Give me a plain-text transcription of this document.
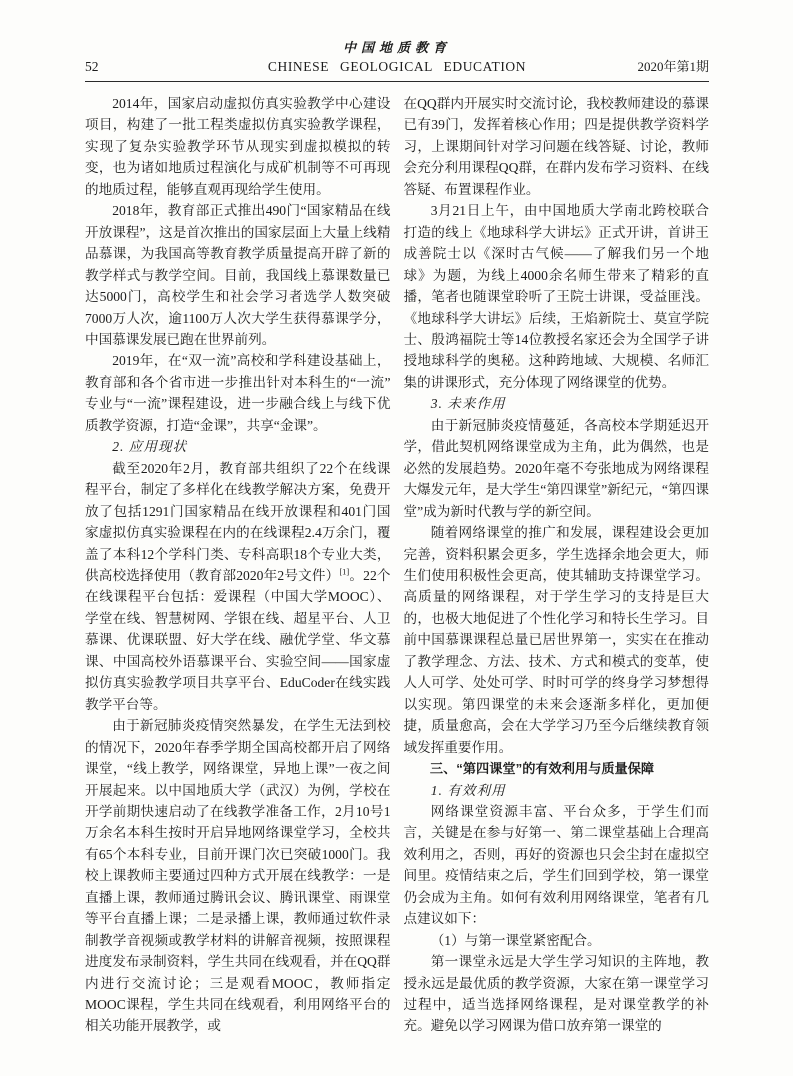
中国地质教育
52	CHINESE GEOLOGICAL EDUCATION	2020年第1期

2014年，国家启动虚拟仿真实验教学中心建设项目，构建了一批工程类虚拟仿真实验教学课程，实现了复杂实验教学环节从现实到虚拟模拟的转变，也为诸如地质过程演化与成矿机制等不可再现的地质过程，能够直观再现给学生使用。

2018年，教育部正式推出490门“国家精品在线开放课程”，这是首次推出的国家层面上大量上线精品慕课，为我国高等教育教学质量提高开辟了新的教学样式与教学空间。目前，我国线上慕课数量已达5000门，高校学生和社会学习者选学人数突破7000万人次，逾1100万人次大学生获得慕课学分，中国慕课发展已跑在世界前列。

2019年，在“双一流”高校和学科建设基础上，教育部和各个省市进一步推出针对本科生的“一流”专业与“一流”课程建设，进一步融合线上与线下优质教学资源，打造“金课”，共享“金课”。

2. 应用现状

截至2020年2月，教育部共组织了22个在线课程平台，制定了多样化在线教学解决方案，免费开放了包括1291门国家精品在线开放课程和401门国家虚拟仿真实验课程在内的在线课程2.4万余门，覆盖了本科12个学科门类、专科高职18个专业大类，供高校选择使用（教育部2020年2号文件）[1]。22个在线课程平台包括：爱课程（中国大学MOOC）、学堂在线、智慧树网、学银在线、超星平台、人卫慕课、优课联盟、好大学在线、融优学堂、华文慕课、中国高校外语慕课平台、实验空间——国家虚拟仿真实验教学项目共享平台、EduCoder在线实践教学平台等。

由于新冠肺炎疫情突然暴发，在学生无法到校的情况下，2020年春季学期全国高校都开启了网络课堂，“线上教学，网络课堂，异地上课”一夜之间开展起来。以中国地质大学（武汉）为例，学校在开学前期快速启动了在线教学准备工作，2月10号1万余名本科生按时开启异地网络课堂学习，全校共有65个本科专业，目前开课门次已突破1000门。我校上课教师主要通过四种方式开展在线教学：一是直播上课，教师通过腾讯会议、腾讯课堂、雨课堂等平台直播上课；二是录播上课，教师通过软件录制教学音视频或教学材料的讲解音视频，按照课程进度发布录制资料，学生共同在线观看，并在QQ群内进行交流讨论；三是观看MOOC，教师指定MOOC课程，学生共同在线观看，利用网络平台的相关功能开展教学，或

在QQ群内开展实时交流讨论，我校教师建设的慕课已有39门，发挥着核心作用；四是提供教学资料学习，上课期间针对学习问题在线答疑、讨论，教师会充分利用课程QQ群，在群内发布学习资料、在线答疑、布置课程作业。

3月21日上午，由中国地质大学南北跨校联合打造的线上《地球科学大讲坛》正式开讲，首讲王成善院士以《深时古气候——了解我们另一个地球》为题，为线上4000余名师生带来了精彩的直播，笔者也随课堂聆听了王院士讲课，受益匪浅。《地球科学大讲坛》后续，王焰新院士、莫宣学院士、殷鸿福院士等14位教授名家还会为全国学子讲授地球科学的奥秘。这种跨地域、大规模、名师汇集的讲课形式，充分体现了网络课堂的优势。

3. 未来作用

由于新冠肺炎疫情蔓延，各高校本学期延迟开学，借此契机网络课堂成为主角，此为偶然，也是必然的发展趋势。2020年毫不夸张地成为网络课程大爆发元年，是大学生“第四课堂”新纪元，“第四课堂”成为新时代教与学的新空间。

随着网络课堂的推广和发展，课程建设会更加完善，资料积累会更多，学生选择余地会更大，师生们使用积极性会更高，使其辅助支持课堂学习。高质量的网络课程，对于学生学习的支持是巨大的，也极大地促进了个性化学习和特长生学习。目前中国慕课课程总量已居世界第一，实实在在推动了教学理念、方法、技术、方式和模式的变革，使人人可学、处处可学、时时可学的终身学习梦想得以实现。第四课堂的未来会逐渐多样化，更加便捷，质量愈高，会在大学学习乃至今后继续教育领域发挥重要作用。

三、“第四课堂”的有效利用与质量保障

1. 有效利用

网络课堂资源丰富、平台众多，于学生们而言，关键是在参与好第一、第二课堂基础上合理高效利用之，否则，再好的资源也只会尘封在虚拟空间里。疫情结束之后，学生们回到学校，第一课堂仍会成为主角。如何有效利用网络课堂，笔者有几点建议如下：

（1）与第一课堂紧密配合。

第一课堂永远是大学生学习知识的主阵地，教授永远是最优质的教学资源，大家在第一课堂学习过程中，适当选择网络课程，是对课堂教学的补充。避免以学习网课为借口放弃第一课堂的
